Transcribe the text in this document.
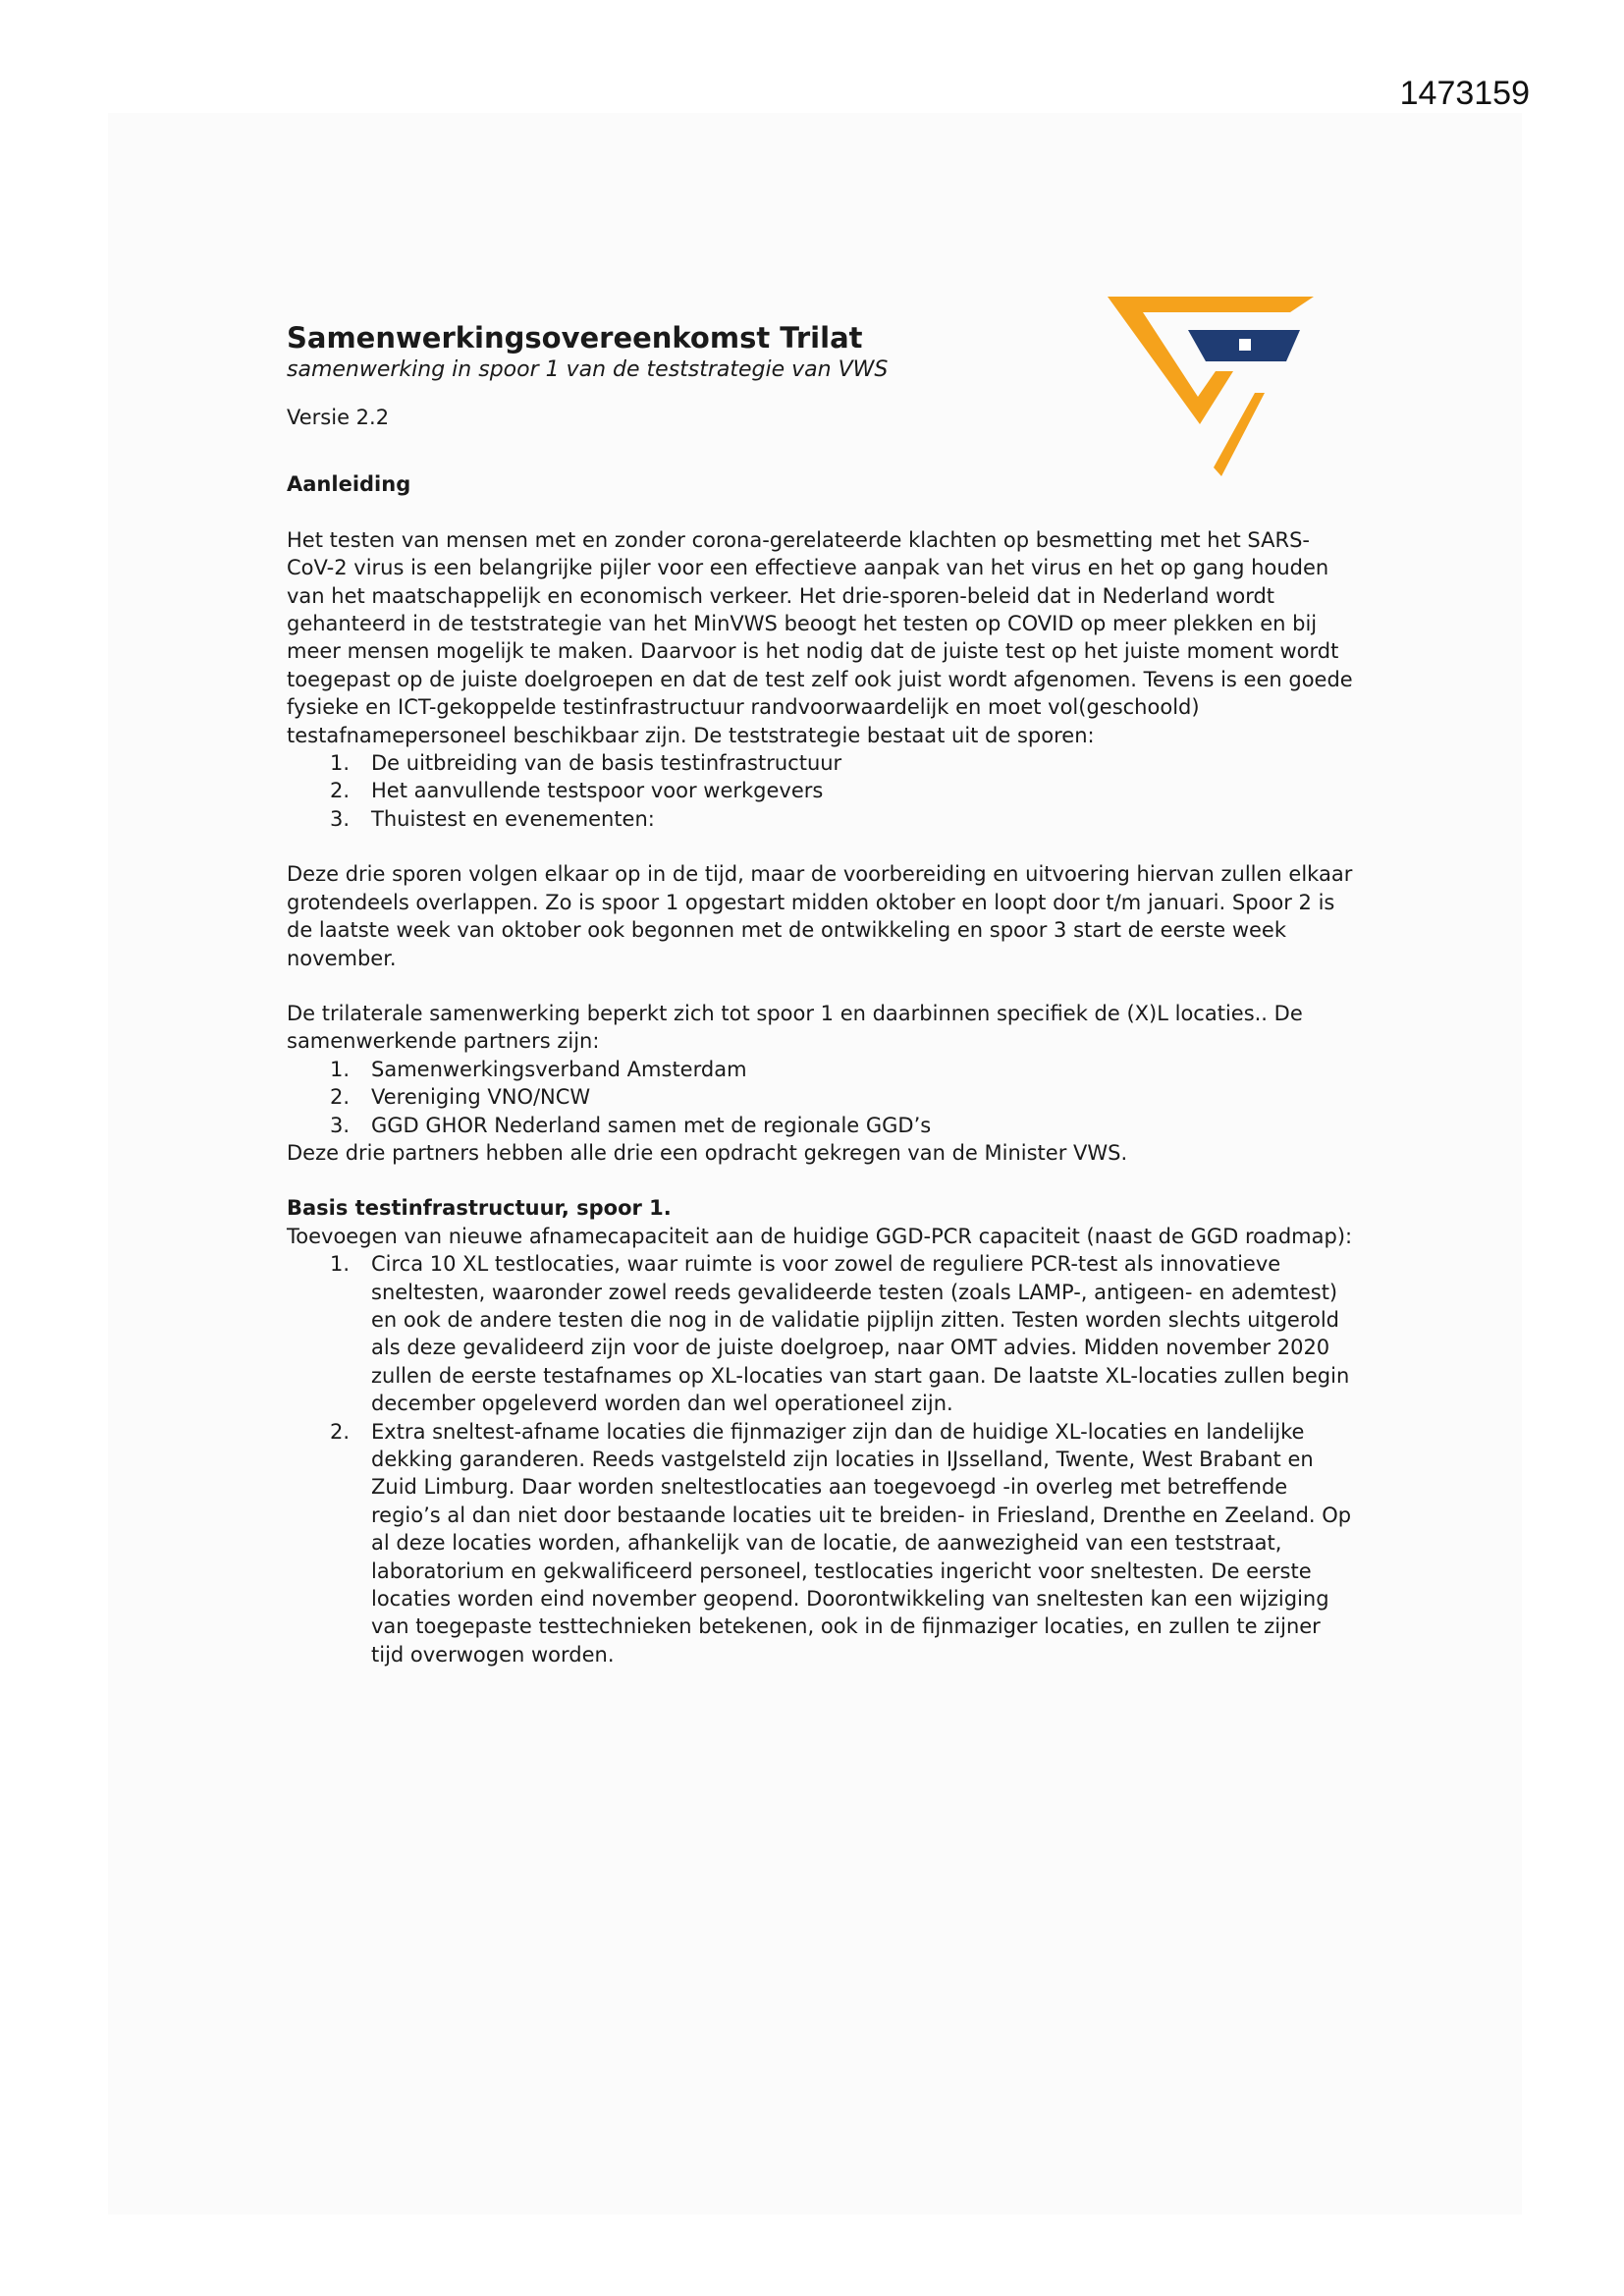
1473159
Samenwerkingsovereenkomst Trilat
samenwerking in spoor 1 van de teststrategie van VWS
Versie 2.2
Aanleiding

Het testen van mensen met en zonder corona-gerelateerde klachten op besmetting met het SARS-CoV-2 virus is een belangrijke pijler voor een effectieve aanpak van het virus en het op gang houden van het maatschappelijk en economisch verkeer. Het drie-sporen-beleid dat in Nederland wordt gehanteerd in de teststrategie van het MinVWS beoogt het testen op COVID op meer plekken en bij meer mensen mogelijk te maken. Daarvoor is het nodig dat de juiste test op het juiste moment wordt toegepast op de juiste doelgroepen en dat de test zelf ook juist wordt afgenomen. Tevens is een goede fysieke en ICT-gekoppelde testinfrastructuur randvoorwaardelijk en moet vol(geschoold) testafnamepersoneel beschikbaar zijn. De teststrategie bestaat uit de sporen:

1. De uitbreiding van de basis testinfrastructuur
2. Het aanvullende testspoor voor werkgevers
3. Thuistest en evenementen:

Deze drie sporen volgen elkaar op in de tijd, maar de voorbereiding en uitvoering hiervan zullen elkaar grotendeels overlappen. Zo is spoor 1 opgestart midden oktober en loopt door t/m januari. Spoor 2 is de laatste week van oktober ook begonnen met de ontwikkeling en spoor 3 start de eerste week november.

De trilaterale samenwerking beperkt zich tot spoor 1 en daarbinnen specifiek de (X)L locaties.. De samenwerkende partners zijn:

1. Samenwerkingsverband Amsterdam
2. Vereniging VNO/NCW
3. GGD GHOR Nederland samen met de regionale GGD’s

Deze drie partners hebben alle drie een opdracht gekregen van de Minister VWS.

Basis testinfrastructuur, spoor 1.

Toevoegen van nieuwe afnamecapaciteit aan de huidige GGD-PCR capaciteit (naast de GGD roadmap):

1. Circa 10 XL testlocaties, waar ruimte is voor zowel de reguliere PCR-test als innovatieve sneltesten, waaronder zowel reeds gevalideerde testen (zoals LAMP-, antigeen- en ademtest) en ook de andere testen die nog in de validatie pijplijn zitten. Testen worden slechts uitgerold als deze gevalideerd zijn voor de juiste doelgroep, naar OMT advies. Midden november 2020 zullen de eerste testafnames op XL-locaties van start gaan. De laatste XL-locaties zullen begin december opgeleverd worden dan wel operationeel zijn.
2. Extra sneltest-afname locaties die fijnmaziger zijn dan de huidige XL-locaties en landelijke dekking garanderen. Reeds vastgelsteld zijn locaties in IJsselland, Twente, West Brabant en Zuid Limburg. Daar worden sneltestlocaties aan toegevoegd -in overleg met betreffende regio’s al dan niet door bestaande locaties uit te breiden- in Friesland, Drenthe en Zeeland. Op al deze locaties worden, afhankelijk van de locatie, de aanwezigheid van een teststraat, laboratorium en gekwalificeerd personeel, testlocaties ingericht voor sneltesten. De eerste locaties worden eind november geopend. Doorontwikkeling van sneltesten kan een wijziging van toegepaste testtechnieken betekenen, ook in de fijnmaziger locaties, en zullen te zijner tijd overwogen worden.
